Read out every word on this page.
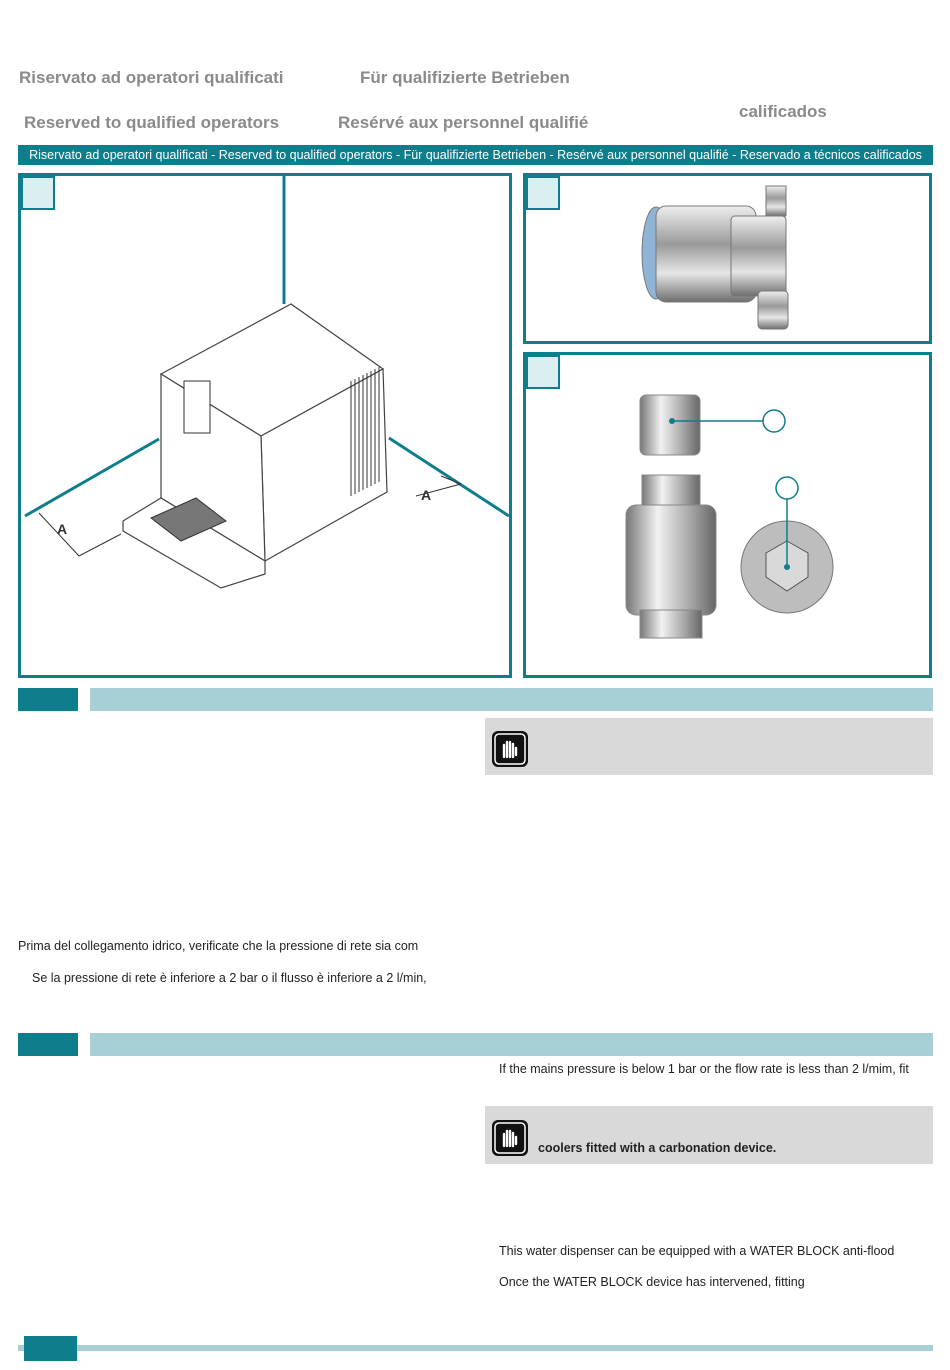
Riservato ad operatori qualificati	Für qualifizierte Betrieben
calificados
Reserved to qualified operators	Resérvé aux personnel qualifié
Riservato ad operatori qualificati - Reserved to qualified operators - Für qualifizierte Betrieben - Resérvé aux personnel qualifié - Reservado a técnicos calificados
A
A
Prima del collegamento idrico, verificate che la pressione di rete sia com
Se la pressione di rete è inferiore a 2 bar o il flusso è inferiore a 2 l/min,
If the mains pressure is below 1 bar or the flow rate is less than 2 l/mim, fit
coolers fitted with a carbonation device.
This water dispenser can be equipped with a WATER BLOCK anti-flood
Once the WATER BLOCK device has intervened, fitting
